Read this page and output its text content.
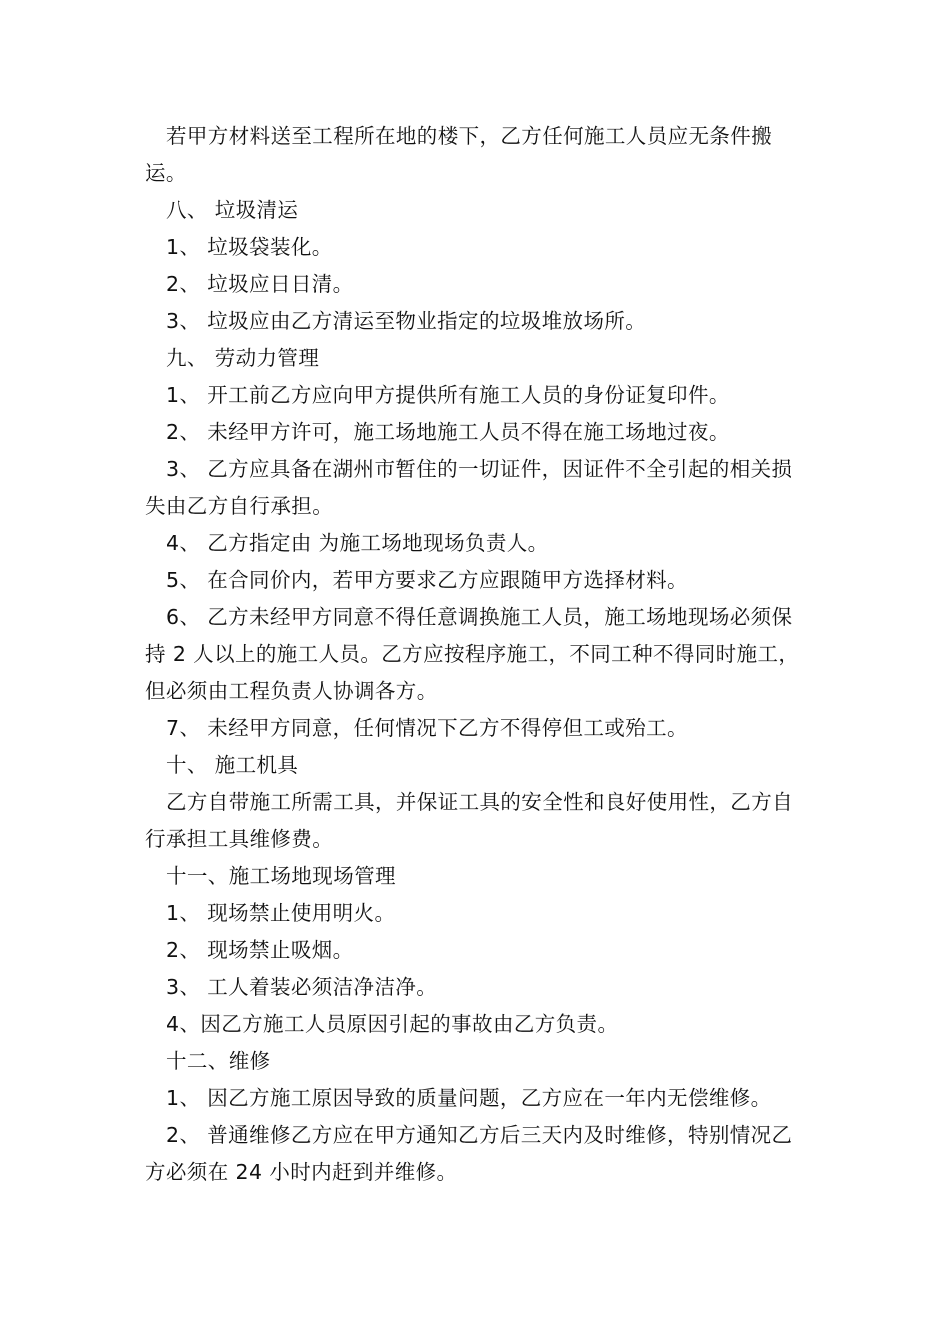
若甲方材料送至工程所在地的楼下，乙方任何施工人员应无条件搬运。

八、 垃圾清运

1、 垃圾袋装化。

2、 垃圾应日日清。

3、 垃圾应由乙方清运至物业指定的垃圾堆放场所。

九、 劳动力管理

1、 开工前乙方应向甲方提供所有施工人员的身份证复印件。

2、 未经甲方许可，施工场地施工人员不得在施工场地过夜。

3、 乙方应具备在湖州市暂住的一切证件，因证件不全引起的相关损失由乙方自行承担。

4、 乙方指定由 为施工场地现场负责人。

5、 在合同价内，若甲方要求乙方应跟随甲方选择材料。

6、 乙方未经甲方同意不得任意调换施工人员，施工场地现场必须保持 2 人以上的施工人员。乙方应按程序施工，不同工种不得同时施工，但必须由工程负责人协调各方。

7、 未经甲方同意，任何情况下乙方不得停但工或殆工。

十、 施工机具

乙方自带施工所需工具，并保证工具的安全性和良好使用性，乙方自行承担工具维修费。

十一、施工场地现场管理

1、 现场禁止使用明火。

2、 现场禁止吸烟。

3、 工人着装必须洁净洁净。

4、因乙方施工人员原因引起的事故由乙方负责。

十二、维修

1、 因乙方施工原因导致的质量问题，乙方应在一年内无偿维修。

2、 普通维修乙方应在甲方通知乙方后三天内及时维修，特别情况乙方必须在 24 小时内赶到并维修。
